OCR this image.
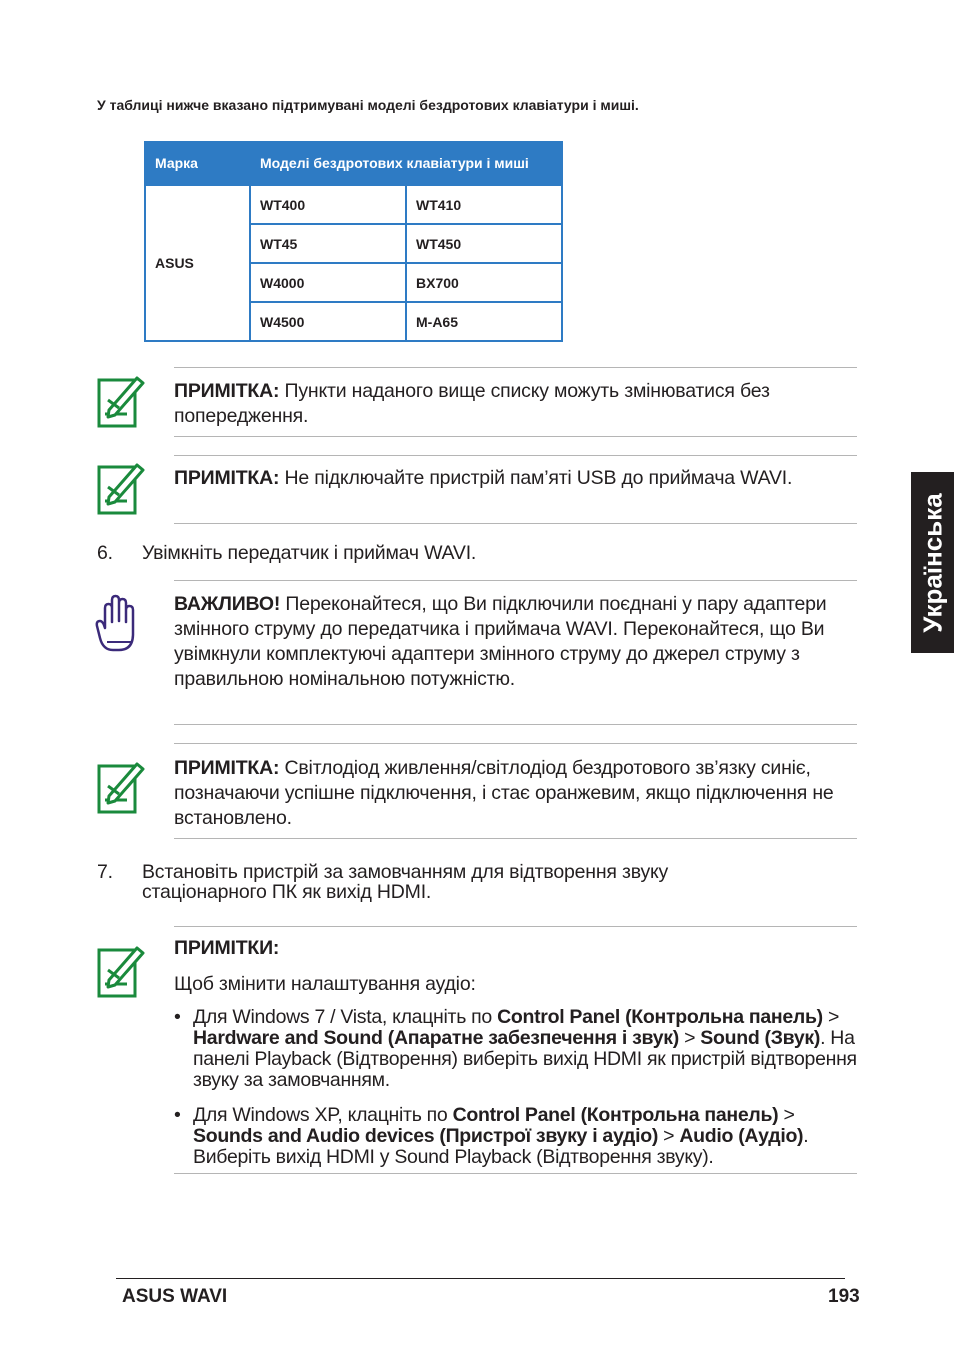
У таблиці нижче вказано підтримувані моделі бездротових клавіатури і миші.
Марка	Моделі бездротових клавіатури і миші	
ASUS	WT400	WT410
	WT45	WT450
	W4000	BX700
	W4500	M-A65
ПРИМІТКА: Пункти наданого вище списку можуть змінюватися без попередження.
ПРИМІТКА: Не підключайте пристрій пам’яті USB до приймача WAVI.
6. Увімкніть передатчик і приймач WAVI.
ВАЖЛИВО! Переконайтеся, що Ви підключили поєднані у пару адаптери змінного струму до передатчика і приймача WAVI. Переконайтеся, що Ви увімкнули комплектуючі адаптери змінного струму до джерел струму з правильною номінальною потужністю.
ПРИМІТКА: Світлодіод живлення/світлодіод бездротового зв’язку синіє, позначаючи успішне підключення, і стає оранжевим, якщо підключення не встановлено.
7. Встановіть пристрій за замовчанням для відтворення звуку стаціонарного ПК як вихід HDMI.
ПРИМІТКИ:
Щоб змінити налаштування аудіо:
• Для Windows 7 / Vista, клацніть по Control Panel (Контрольна панель) > Hardware and Sound (Апаратне забезпечення і звук) > Sound (Звук). На панелі Playback (Відтворення) виберіть вихід HDMI як пристрій відтворення звуку за замовчанням.
• Для Windows XP, клацніть по Control Panel (Контрольна панель) > Sounds and Audio devices (Пристрої звуку і аудіо) > Audio (Аудіо). Виберіть вихід HDMI у Sound Playback (Відтворення звуку).
Українська
ASUS WAVI	193
